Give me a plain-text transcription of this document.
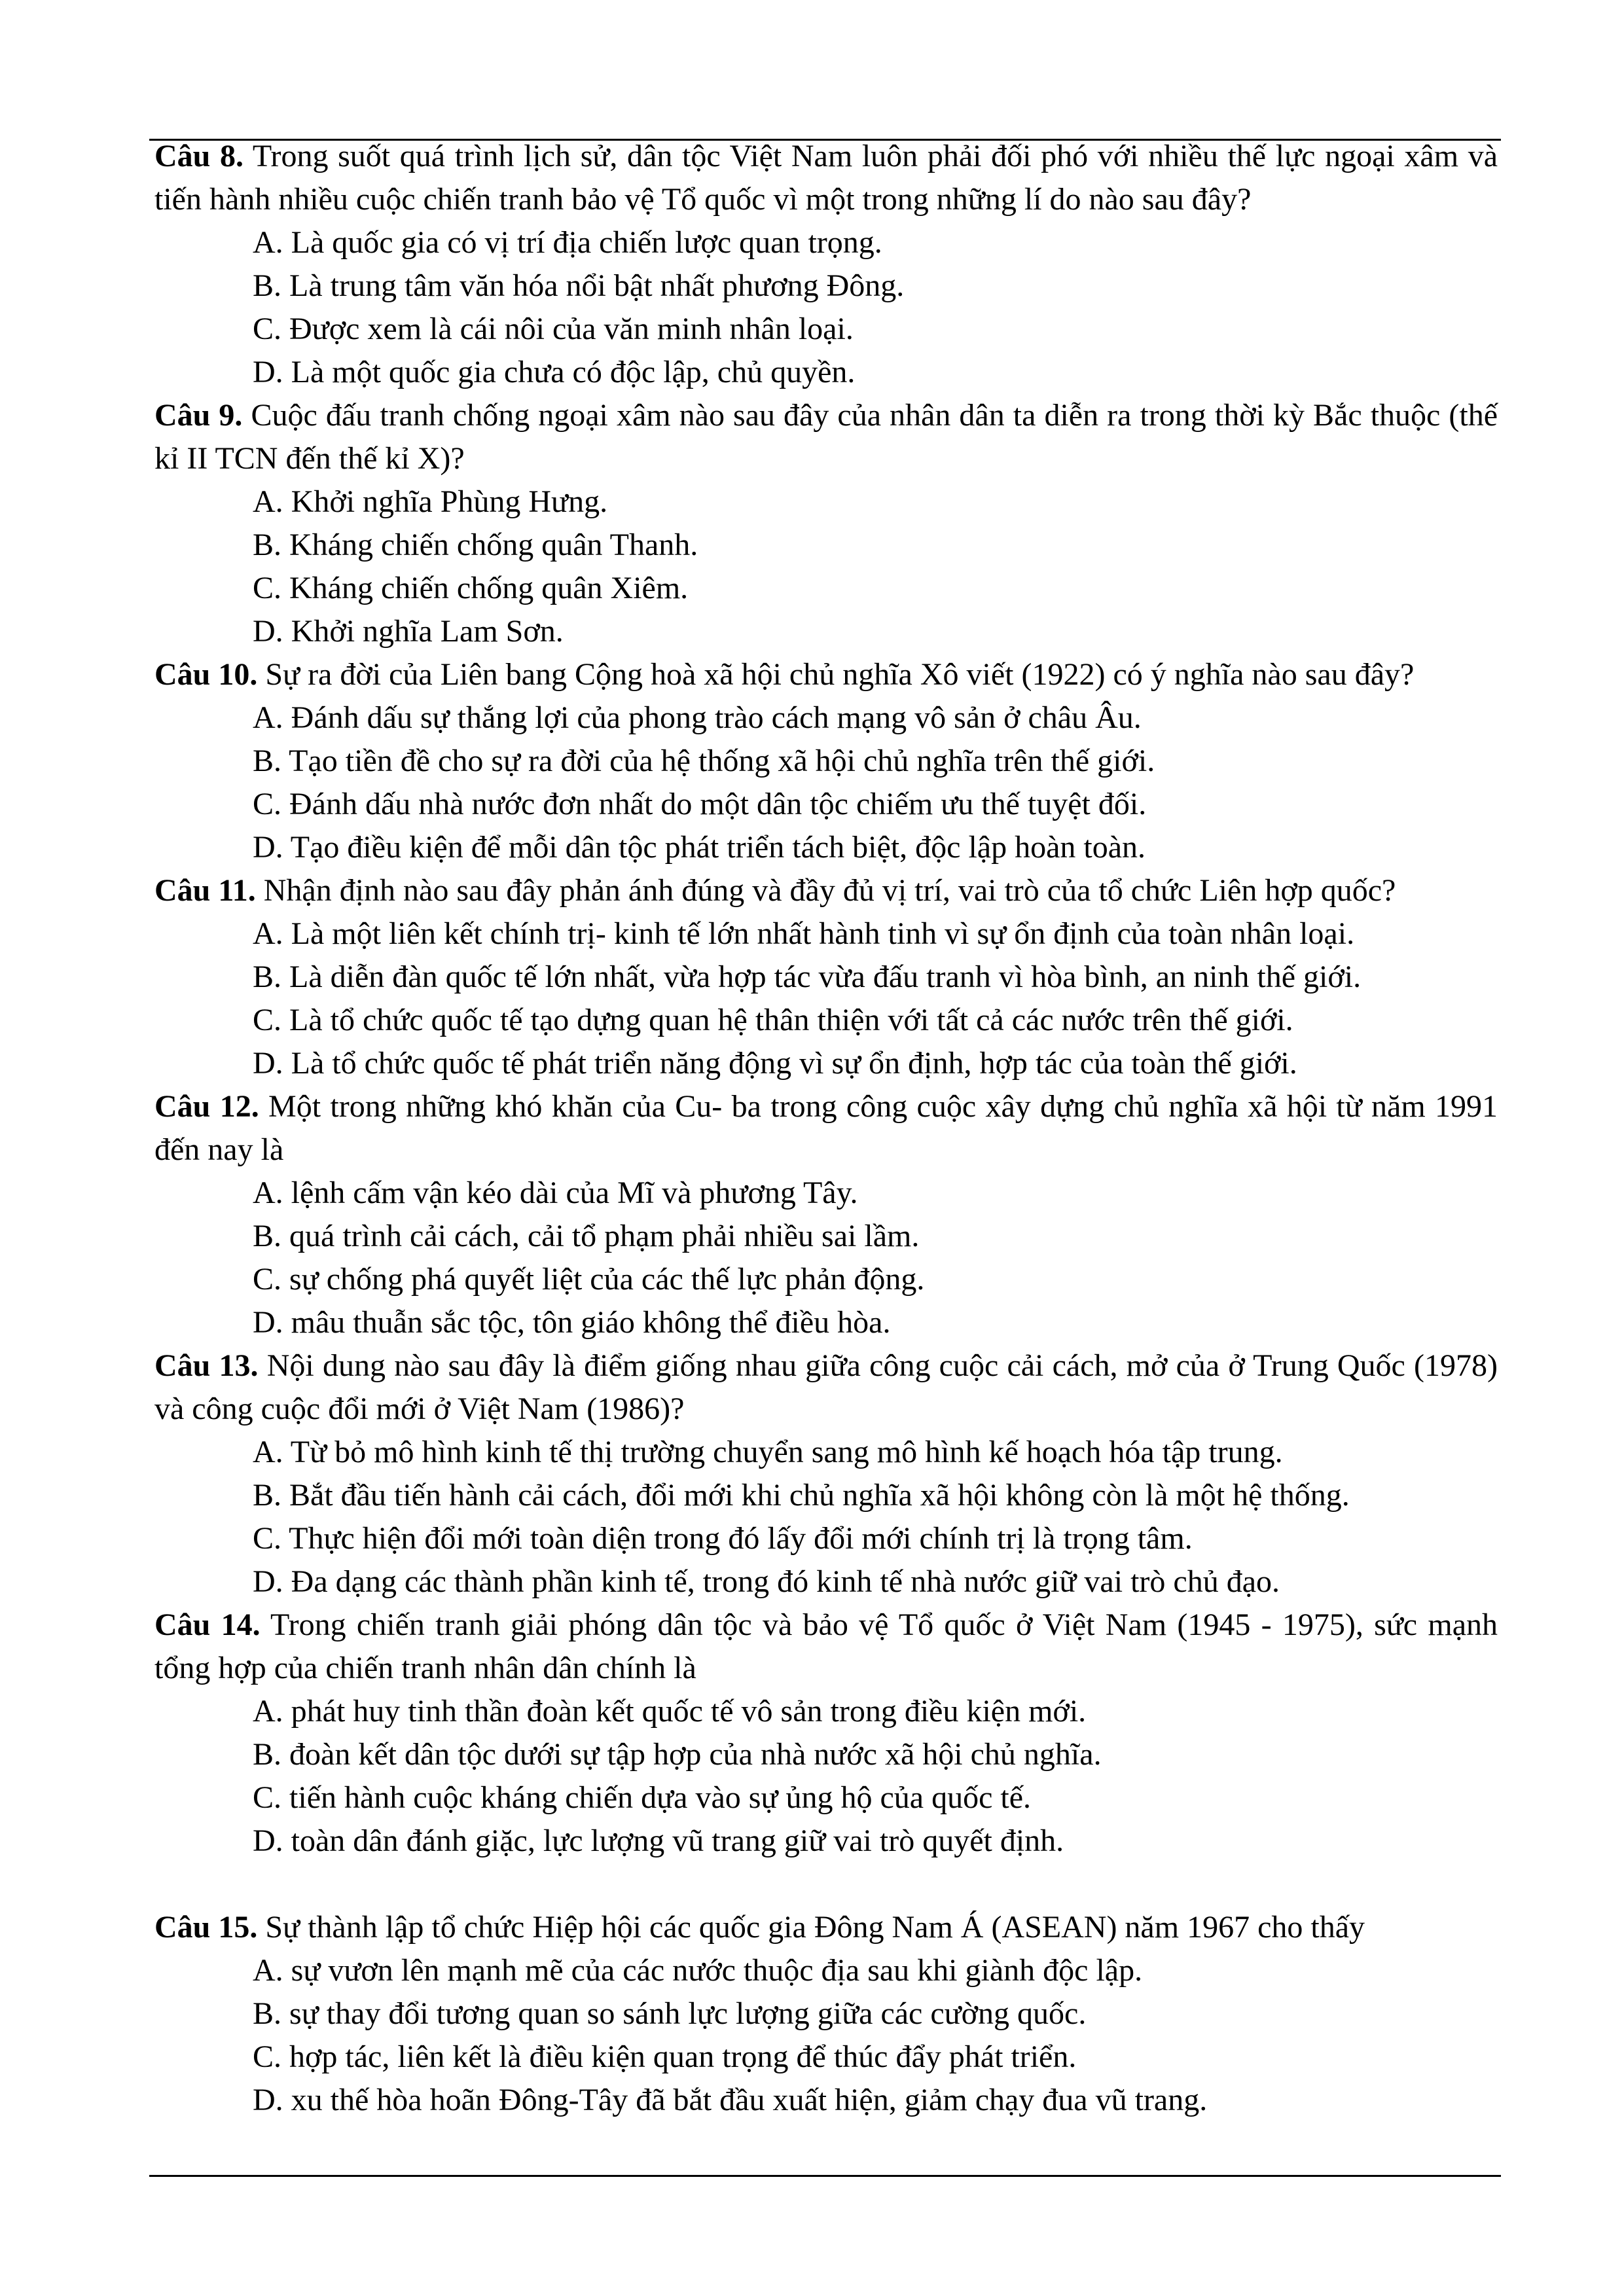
Câu 8. Trong suốt quá trình lịch sử, dân tộc Việt Nam luôn phải đối phó với nhiều thế lực ngoại xâm và tiến hành nhiều cuộc chiến tranh bảo vệ Tổ quốc vì một trong những lí do nào sau đây?
A. Là quốc gia có vị trí địa chiến lược quan trọng.
B. Là trung tâm văn hóa nổi bật nhất phương Đông.
C. Được xem là cái nôi của văn minh nhân loại.
D. Là một quốc gia chưa có độc lập, chủ quyền.
Câu 9. Cuộc đấu tranh chống ngoại xâm nào sau đây của nhân dân ta diễn ra trong thời kỳ Bắc thuộc (thế kỉ II TCN đến thế kỉ X)?
A. Khởi nghĩa Phùng Hưng.
B. Kháng chiến chống quân Thanh.
C. Kháng chiến chống quân Xiêm.
D. Khởi nghĩa Lam Sơn.
Câu 10. Sự ra đời của Liên bang Cộng hoà xã hội chủ nghĩa Xô viết (1922) có ý nghĩa nào sau đây?
A. Đánh dấu sự thắng lợi của phong trào cách mạng vô sản ở châu Âu.
B. Tạo tiền đề cho sự ra đời của hệ thống xã hội chủ nghĩa trên thế giới.
C. Đánh dấu nhà nước đơn nhất do một dân tộc chiếm ưu thế tuyệt đối.
D. Tạo điều kiện để mỗi dân tộc phát triển tách biệt, độc lập hoàn toàn.
Câu 11. Nhận định nào sau đây phản ánh đúng và đầy đủ vị trí, vai trò của tổ chức Liên hợp quốc?
A. Là một liên kết chính trị- kinh tế lớn nhất hành tinh vì sự ổn định của toàn nhân loại.
B. Là diễn đàn quốc tế lớn nhất, vừa hợp tác vừa đấu tranh vì hòa bình, an ninh thế giới.
C. Là tổ chức quốc tế tạo dựng quan hệ thân thiện với tất cả các nước trên thế giới.
D. Là tổ chức quốc tế phát triển năng động vì sự ổn định, hợp tác của toàn thế giới.
Câu 12. Một trong những khó khăn của Cu- ba trong công cuộc xây dựng chủ nghĩa xã hội từ năm 1991 đến nay là
A. lệnh cấm vận kéo dài của Mĩ và phương Tây.
B. quá trình cải cách, cải tổ phạm phải nhiều sai lầm.
C. sự chống phá quyết liệt của các thế lực phản động.
D. mâu thuẫn sắc tộc, tôn giáo không thể điều hòa.
Câu 13. Nội dung nào sau đây là điểm giống nhau giữa công cuộc cải cách, mở của ở Trung Quốc (1978) và công cuộc đổi mới ở Việt Nam (1986)?
A. Từ bỏ mô hình kinh tế thị trường chuyển sang mô hình kế hoạch hóa tập trung.
B. Bắt đầu tiến hành cải cách, đổi mới khi chủ nghĩa xã hội không còn là một hệ thống.
C. Thực hiện đổi mới toàn diện trong đó lấy đổi mới chính trị là trọng tâm.
D. Đa dạng các thành phần kinh tế, trong đó kinh tế nhà nước giữ vai trò chủ đạo.
Câu 14. Trong chiến tranh giải phóng dân tộc và bảo vệ Tổ quốc ở Việt Nam (1945 - 1975), sức mạnh tổng hợp của chiến tranh nhân dân chính là
A. phát huy tinh thần đoàn kết quốc tế vô sản trong điều kiện mới.
B. đoàn kết dân tộc dưới sự tập hợp của nhà nước xã hội chủ nghĩa.
C. tiến hành cuộc kháng chiến dựa vào sự ủng hộ của quốc tế.
D. toàn dân đánh giặc, lực lượng vũ trang giữ vai trò quyết định.
Câu 15. Sự thành lập tổ chức Hiệp hội các quốc gia Đông Nam Á (ASEAN) năm 1967 cho thấy
A. sự vươn lên mạnh mẽ của các nước thuộc địa sau khi giành độc lập.
B. sự thay đổi tương quan so sánh lực lượng giữa các cường quốc.
C. hợp tác, liên kết là điều kiện quan trọng để thúc đẩy phát triển.
D. xu thế hòa hoãn Đông-Tây đã bắt đầu xuất hiện, giảm chạy đua vũ trang.
